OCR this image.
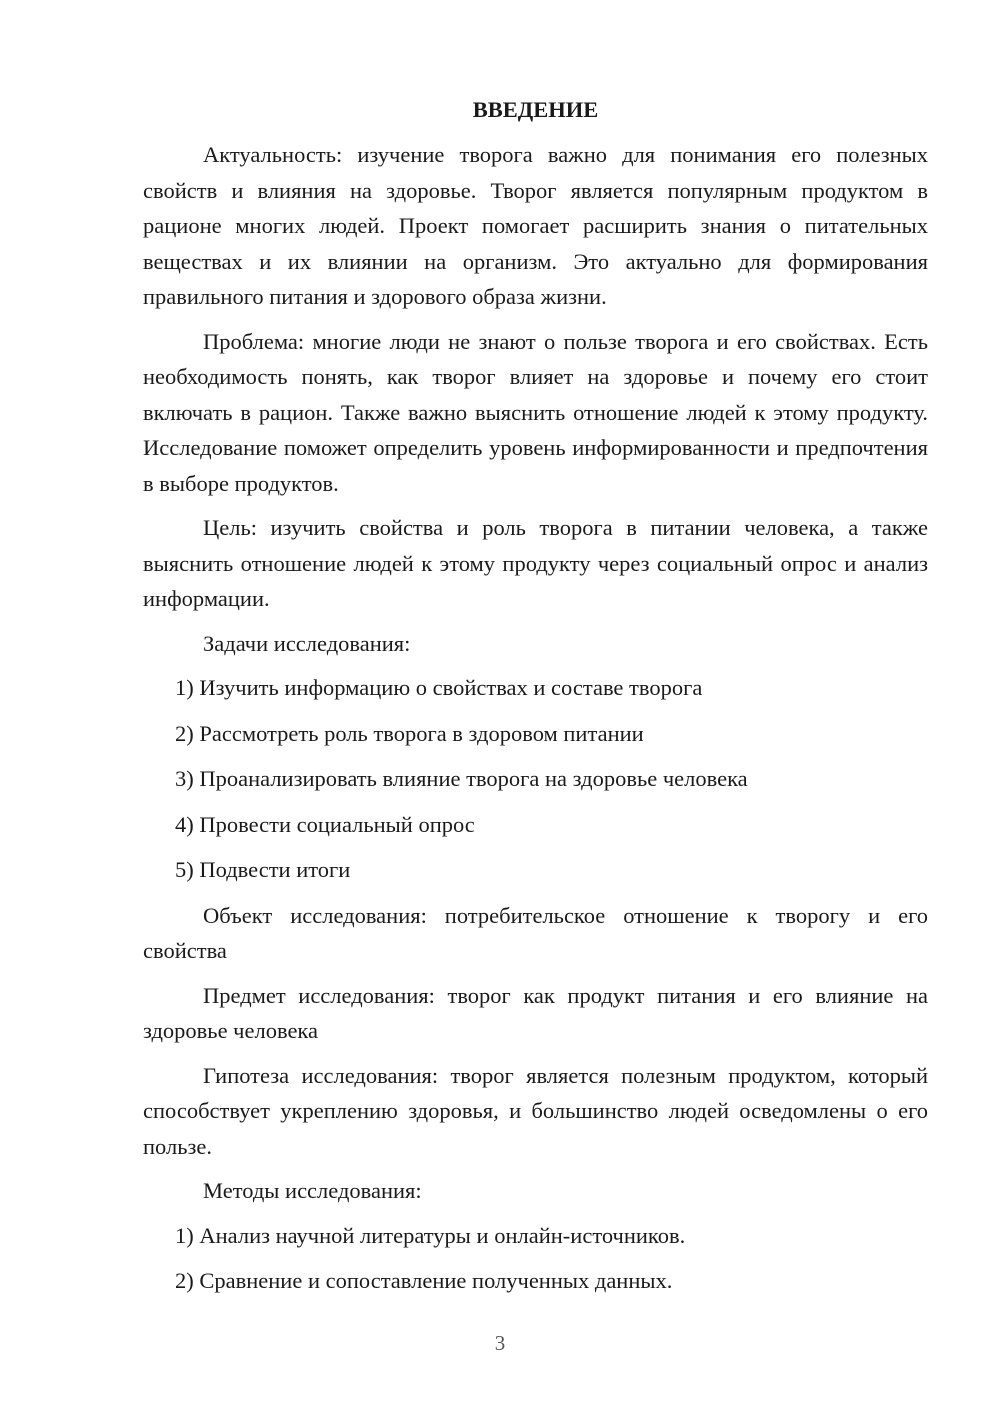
ВВЕДЕНИЕ

Актуальность: изучение творога важно для понимания его полезных свойств и влияния на здоровье. Творог является популярным продуктом в рационе многих людей. Проект помогает расширить знания о питательных веществах и их влиянии на организм. Это актуально для формирования правильного питания и здорового образа жизни.

Проблема: многие люди не знают о пользе творога и его свойствах. Есть необходимость понять, как творог влияет на здоровье и почему его стоит включать в рацион. Также важно выяснить отношение людей к этому продукту. Исследование поможет определить уровень информированности и предпочтения в выборе продуктов.

Цель: изучить свойства и роль творога в питании человека, а также выяснить отношение людей к этому продукту через социальный опрос и анализ информации.

Задачи исследования:
1) Изучить информацию о свойствах и составе творога
2) Рассмотреть роль творога в здоровом питании
3) Проанализировать влияние творога на здоровье человека
4) Провести социальный опрос
5) Подвести итоги

Объект исследования: потребительское отношение к творогу и его свойства

Предмет исследования: творог как продукт питания и его влияние на здоровье человека

Гипотеза исследования: творог является полезным продуктом, который способствует укреплению здоровья, и большинство людей осведомлены о его пользе.

Методы исследования:
1) Анализ научной литературы и онлайн-источников.
2) Сравнение и сопоставление полученных данных.
3
